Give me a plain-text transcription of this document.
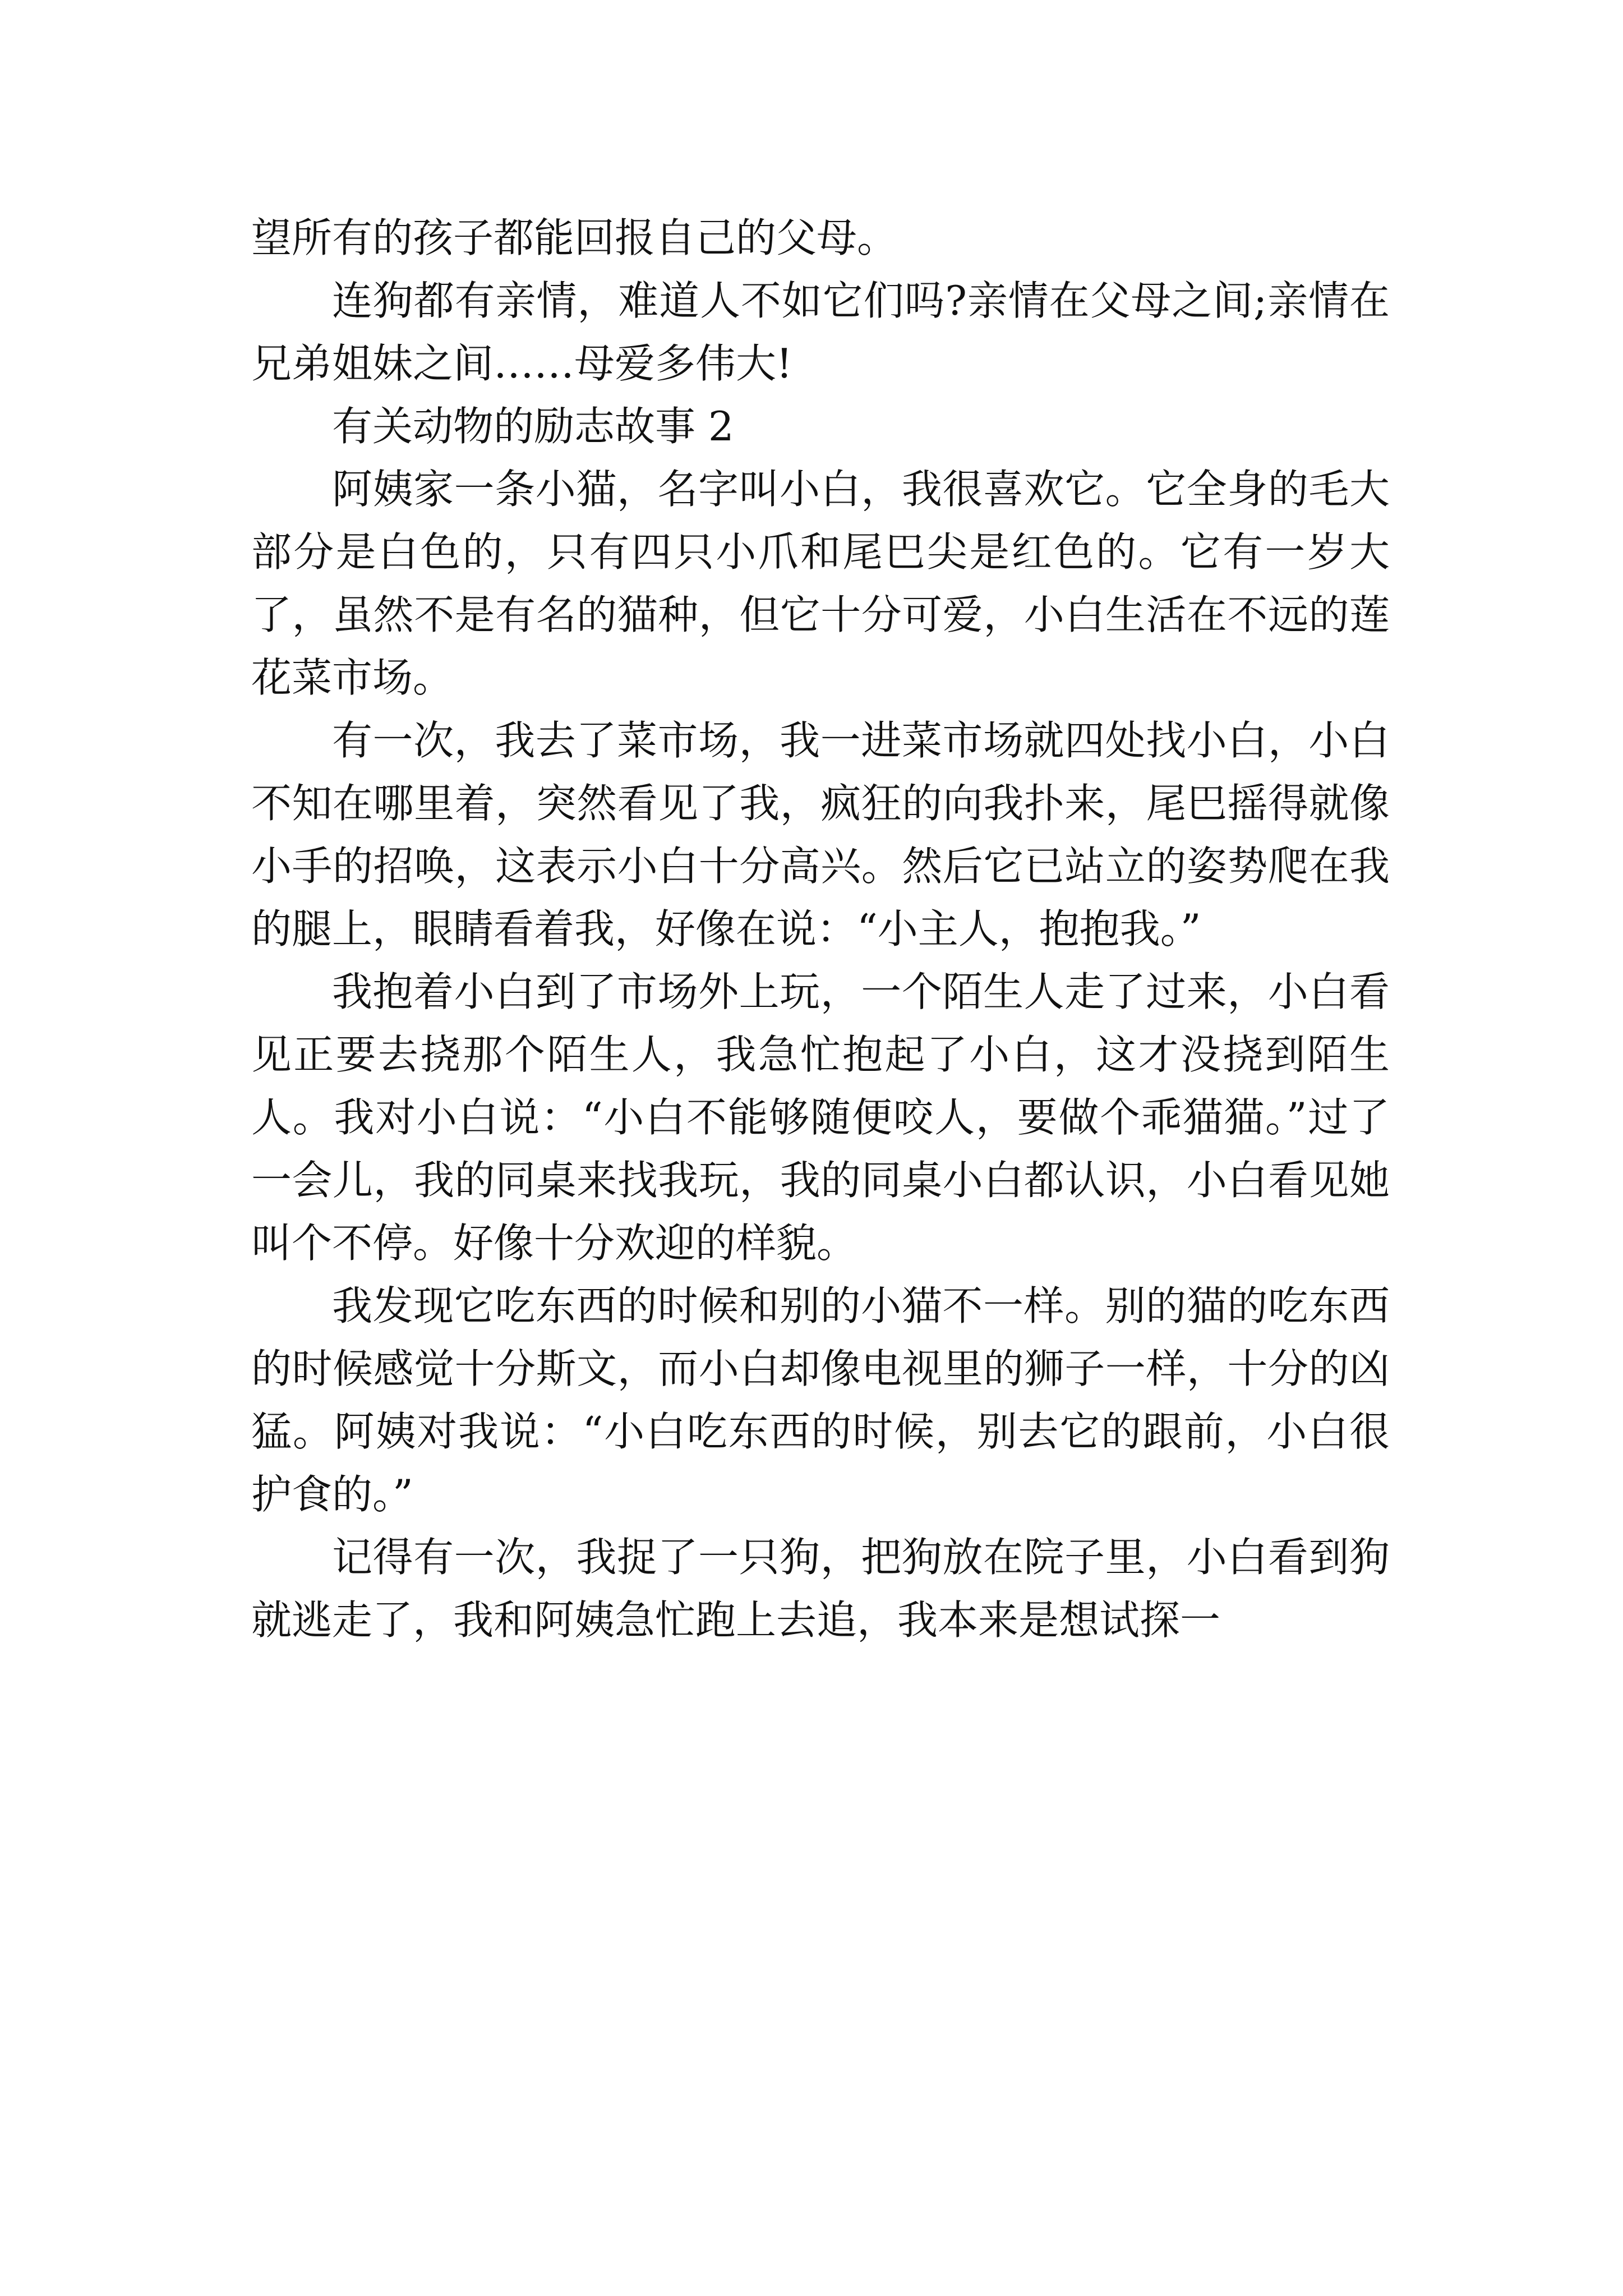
望所有的孩子都能回报自己的父母。

连狗都有亲情，难道人不如它们吗?亲情在父母之间;亲情在兄弟姐妹之间……母爱多伟大!

有关动物的励志故事 2

阿姨家一条小猫，名字叫小白，我很喜欢它。它全身的毛大部分是白色的，只有四只小爪和尾巴尖是红色的。它有一岁大了，虽然不是有名的猫种，但它十分可爱，小白生活在不远的莲花菜市场。

有一次，我去了菜市场，我一进菜市场就四处找小白，小白不知在哪里着，突然看见了我，疯狂的向我扑来，尾巴摇得就像小手的招唤，这表示小白十分高兴。然后它已站立的姿势爬在我的腿上，眼睛看着我，好像在说：“小主人，抱抱我。”

我抱着小白到了市场外上玩，一个陌生人走了过来，小白看见正要去挠那个陌生人，我急忙抱起了小白，这才没挠到陌生人。我对小白说：“小白不能够随便咬人，要做个乖猫猫。”过了一会儿，我的同桌来找我玩，我的同桌小白都认识，小白看见她叫个不停。好像十分欢迎的样貌。

我发现它吃东西的时候和别的小猫不一样。别的猫的吃东西的时候感觉十分斯文，而小白却像电视里的狮子一样，十分的凶猛。阿姨对我说：“小白吃东西的时候，别去它的跟前，小白很护食的。”

记得有一次，我捉了一只狗，把狗放在院子里，小白看到狗就逃走了，我和阿姨急忙跑上去追，我本来是想试探一
